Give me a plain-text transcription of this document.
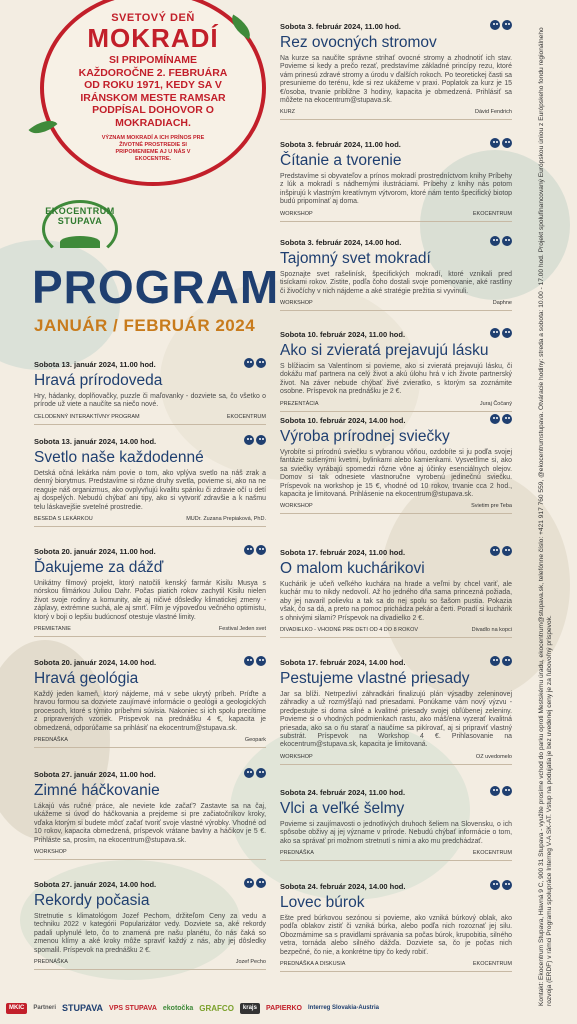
SVETOVÝ DEŇ
MOKRADÍ
SI PRIPOMÍNAME KAŽDOROČNE 2. FEBRUÁRA OD ROKU 1971, KEDY SA V IRÁNSKOM MESTE RAMSAR PODPÍSAL DOHOVOR O MOKRADIACH.
VÝZNAM MOKRADÍ A ICH PRÍNOS PRE ŽIVOTNÉ PROSTREDIE SI PRIPOMENIEME AJ U NÁS V EKOCENTRE.
EKOCENTRUM STUPAVA
PROGRAM
JANUÁR / FEBRUÁR 2024
Sobota 13. január 2024, 11.00 hod.
Hravá prírodoveda
Hry, hádanky, doplňovačky, puzzle či maľovanky - dozviete sa, čo všetko o prírode už viete a naučíte sa niečo nové.
CELODENNÝ INTERAKTÍVNY PROGRAM	EKOCENTRUM
Sobota 13. január 2024, 14.00 hod.
Svetlo naše každodenné
Detská očná lekárka nám povie o tom, ako vplýva svetlo na náš zrak a denný biorytmus. Predstavíme si rôzne druhy svetla, povieme si, ako na ne reaguje náš organizmus, ako ovplyvňujú kvalitu spánku či zdravie očí u detí aj dospelých. Nebudú chýbať ani tipy, ako si vytvoriť zdravšie a k našmu telu láskavejšie svetelné prostredie.
BESEDA S LEKÁRKOU	MUDr. Zuzana Prepiaková, PhD.
Sobota 20. január 2024, 11.00 hod.
Ďakujeme za dážď
Unikátny filmový projekt, ktorý natočili kenský farmár Kisilu Musya s nórskou filmárkou Juliou Dahr. Počas piatich rokov zachytil Kisilu nielen život svoje rodiny a komunity, ale aj ničivé dôsledky klimatickej zmeny - záplavy, extrémne suchá, ale aj smrť. Film je výpoveďou večného optimistu, ktorý v boji o lepšiu budúcnosť otestuje vlastné limity.
PREMIETANIE	Festival Jeden svet
Sobota 20. január 2024, 14.00 hod.
Hravá geológia
Každý jeden kameň, ktorý nájdeme, má v sebe ukrytý príbeh. Príďte a hravou formou sa dozviete zaujímavé informácie o geológii a geologických procesoch, ktoré s týmito príbehmi súvisia. Nakoniec si ich spolu precítime z pripravených vzoriek. Prispevok na prednášku 4 €, kapacita je obmedzená, odporúčame sa prihlásiť na ekocentrum@stupava.sk.
PREDNÁŠKA	Geopark
Sobota 27. január 2024, 11.00 hod.
Zimné háčkovanie
Lákajú vás ručné práce, ale neviete kde začať? Zastavte sa na čaj, ukážeme si úvod do háčkovania a prejdeme si pre začiatočníkov kroky, vďaka ktorým si budete môcť začať tvoriť svoje vlastné výrobky. Vhodné od 10 rokov, kapacita obmedzená, príspevok vrátane bavlny a háčikov je 5 €. Prihláste sa, prosím, na ekocentrum@stupava.sk.
WORKSHOP
Sobota 27. január 2024, 14.00 hod.
Rekordy počasia
Stretnutie s klimatológom Jozef Pechom, držiteľom Ceny za vedu a techniku 2022 v kategórii Popularizátor vedy. Dozviete sa, aké rekordy padali uplynulé leto, čo to znamená pre našu planétu, čo nás čaká so zmenou klímy a aké kroky môže spraviť každý z nás, aby jej dôsledky spomalil. Príspevok na prednášku 2 €.
PREDNÁŠKA	Jozef Pecho
Sobota 3. február 2024, 11.00 hod.
Rez ovocných stromov
Na kurze sa naučíte správne strihať ovocné stromy a zhodnotiť ich stav. Povieme si kedy a prečo rezať, predstavíme základné princípy rezu, ktoré vám prinesú zdravé stromy a úrodu v ďalších rokoch. Po teoretickej časti sa presunieme do terénu, kde si rez ukážeme v praxi. Poplatok za kurz je 15 €/osoba, trvanie približne 3 hodiny, kapacita je obmedzená. Prihlásiť sa môžete na ekocentrum@stupava.sk.
KURZ	Dávid Fendrich
Sobota 3. február 2024, 11.00 hod.
Čítanie a tvorenie
Predstavíme si obyvateľov a prínos mokradí prostredníctvom knihy Príbehy z lúk a mokradí s nádhernými ilustráciami. Príbehy z knihy nás potom inšpirujú k vlastným kreatívnym výtvorom, ktoré nám tento špecifický biotop budú pripomínať aj doma.
WORKSHOP	EKOCENTRUM
Sobota 3. február 2024, 14.00 hod.
Tajomný svet mokradí
Spoznajte svet rašelinísk, špecifických mokradí, ktoré vznikali pred tisíckami rokov. Zistite, podľa čoho dostali svoje pomenovanie, aké rastliny či živočíchy v nich nájdeme a aké stratégie prežitia si vyvinuli.
WORKSHOP	Daphne
Sobota 10. február 2024, 11.00 hod.
Ako si zvieratá prejavujú lásku
S blížiacim sa Valentínom si povieme, ako si zvieratá prejavujú lásku, či dokážu mať partnera na celý život a akú úlohu hrá v ich živote partnerský život. Na záver nebude chýbať živé zvieratko, s ktorým sa zoznámite osobne. Príspevok na prednášku je 2 €.
PREZENTÁCIA	Juraj Čočaný
Sobota 10. február 2024, 14.00 hod.
Výroba prírodnej sviečky
Vyrobíte si prírodnú sviečku s vybranou vôňou, ozdobíte si ju podľa svojej fantázie sušenými kvetmi, bylinkami alebo kamienkami. Vysvetlíme si, ako sa sviečky vyrábajú spomedzi rôzne vône aj účinky esenciálnych olejov. Domov si tak odnesiete vlastnoručne vyrobenú jedinečnú sviečku. Príspevok na workshop je 15 €, vhodné od 10 rokov, trvanie cca 2 hod., kapacita je limitovaná. Prihlásenie na ekocentrum@stupava.sk.
WORKSHOP	Svietim pre Teba
Sobota 17. február 2024, 11.00 hod.
O malom kuchárikovi
Kuchárik je učeň veľkého kuchára na hrade a veľmi by chcel variť, ale kuchár mu to nikdy nedovolí. Až ho jedného dňa sama princezná požiada, aby jej navaril polievku a tak sa do nej spolu so šašom pustia. Pokazia však, čo sa dá, a preto na pomoc prichádza pekár a čerti. Poradí si kuchárik s ohnivými silami? Príspevok na divadielko 2 €.
DIVADIELKO - VHODNÉ PRE DETI OD 4 DO 8 ROKOV	Divadlo na kopci
Sobota 17. február 2024, 14.00 hod.
Pestujeme vlastné priesady
Jar sa blíži. Netrpezliví záhradkári finalizujú plán výsadby zeleninovej záhradky a už rozmýšľajú nad priesadami. Ponúkame vám nový výzvu - predpestujte si doma silné a kvalitné priesady svojej obľúbenej zeleniny. Povieme si o vhodných podmienkach rastu, ako máš/ena vyzerať kvalitná priesada, ako sa o ňu starať a naučíme sa pikírovať, aj si pripraviť vlastný substrát. Príspevok na Workshop 4 €. Prihlasovanie na ekocentrum@stupava.sk, kapacita je limitovaná.
WORKSHOP	OZ uvedomelo
Sobota 24. február 2024, 11.00 hod.
Vlci a veľké šelmy
Povieme si zaujímavosti o jednotlivých druhoch šeliem na Slovensku, o ich spôsobe obživy aj jej význame v prírode. Nebudú chýbať informácie o tom, ako sa správať pri možnom stretnutí s nimi a ako mu predchádzať.
PREDNÁŠKA	EKOCENTRUM
Sobota 24. február 2024, 14.00 hod.
Lovec búrok
Ešte pred búrkovou sezónou si povieme, ako vzniká búrkový oblak, ako podľa oblakov zistiť či vzniká búrka, alebo podľa nich rozoznať jej silu. Obozmámime sa s pravidlami správania sa počas búrok, krupobitia, silného vetra, tornáda alebo silného dážďa. Dozviete sa, čo je počas nich bezpečné, čo nie, a konkrétne tipy čo kedy robiť.
PREDNÁŠKA A DISKUSIA	EKOCENTRUM	Kontakt: Ekocentrum Stupava, Hlavná 9 C, 900 31 Stupava - využite prosíme vchod do parku oproti Mestskému úradu, ekocentrum@stupava.sk, telefónne číslo: +421 917 760 559, @ekocentrumstupava. Otváracie hodiny: streda a sobota: 10.00 - 17.00 hod. Projekt spolufinancovaný Európskou úniou z Európskeho fondu regionálneho rozvoja (ERDF) v rámci Programu spolupráce Interreg V-A SK-AT. Vstup na podujatia je bez uvedenej ceny je za ľubovoľný príspevok.
MKIC	Partneri STUPAVA VPS STUPAVA ekotočka GRAFCO	krajs	PAPIERKO Interreg Slovakia-Austria
